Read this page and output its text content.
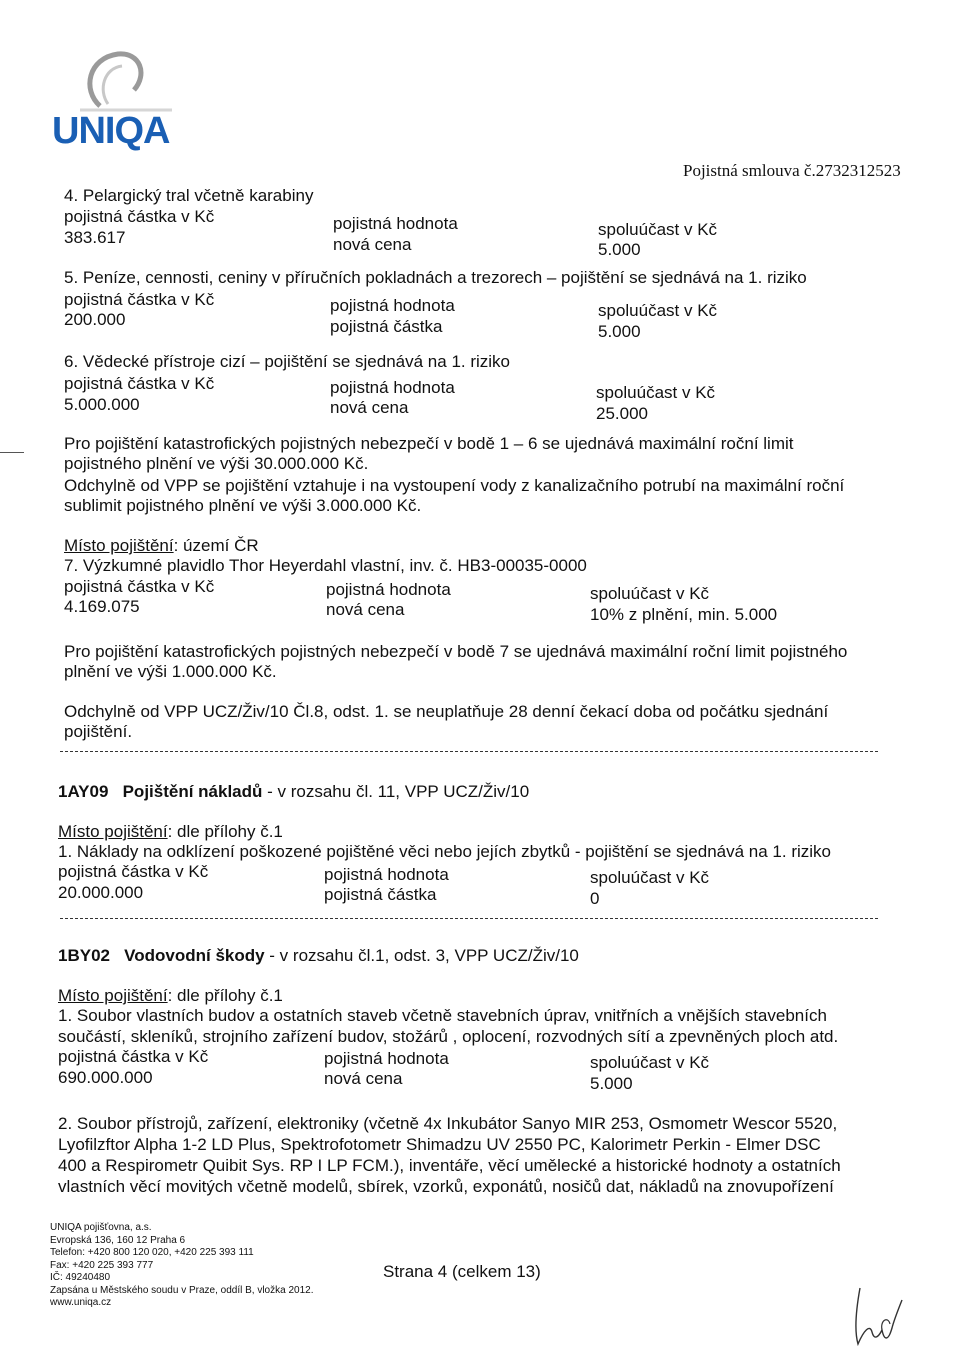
UNIQA
Pojistná smlouva č.2732312523
4. Pelargický tral včetně karabiny
pojistná částka v Kč
383.617
pojistná hodnota
nová cena
spoluúčast v Kč
5.000
5. Peníze, cennosti, ceniny v příručních pokladnách a trezorech – pojištění se sjednává na 1. riziko
pojistná částka v Kč
200.000
pojistná hodnota
pojistná částka
spoluúčast v Kč
5.000
6. Vědecké přístroje cizí – pojištění se sjednává na 1. riziko
pojistná částka v Kč
5.000.000
pojistná hodnota
nová cena
spoluúčast v Kč
25.000
Pro pojištění katastrofických pojistných nebezpečí v bodě 1 – 6 se ujednává maximální roční limit
pojistného plnění ve výši 30.000.000 Kč.
Odchylně od VPP se pojištění vztahuje i na vystoupení vody z kanalizačního potrubí na maximální roční
sublimit pojistného plnění ve výši 3.000.000 Kč.
Místo pojištění: území ČR
7. Výzkumné plavidlo Thor Heyerdahl vlastní, inv. č. HB3-00035-0000
pojistná částka v Kč
4.169.075
pojistná hodnota
nová cena
spoluúčast v Kč
10% z plnění, min. 5.000
Pro pojištění katastrofických pojistných nebezpečí v bodě 7 se ujednává maximální roční limit pojistného
plnění ve výši 1.000.000 Kč.
Odchylně od VPP UCZ/Živ/10 Čl.8, odst. 1. se neuplatňuje 28 denní čekací doba od počátku sjednání
pojištění.
1AY09 Pojištění nákladů - v rozsahu čl. 11, VPP UCZ/Živ/10
Místo pojištění: dle přílohy č.1
1. Náklady na odklízení poškozené pojištěné věci nebo jejích zbytků - pojištění se sjednává na 1. riziko
pojistná částka v Kč
20.000.000
pojistná hodnota
pojistná částka
spoluúčast v Kč
0
1BY02 Vodovodní škody - v rozsahu čl.1, odst. 3, VPP UCZ/Živ/10
Místo pojištění: dle přílohy č.1
1. Soubor vlastních budov a ostatních staveb včetně stavebních úprav, vnitřních a vnějších stavebních
součástí, skleníků, strojního zařízení budov, stožárů , oplocení, rozvodných sítí a zpevněných ploch atd.
pojistná částka v Kč
690.000.000
pojistná hodnota
nová cena
spoluúčast v Kč
5.000
2. Soubor přístrojů, zařízení, elektroniky (včetně 4x Inkubátor Sanyo MIR 253, Osmometr Wescor 5520,
Lyofilzftor Alpha 1-2 LD Plus, Spektrofotometr Shimadzu UV 2550 PC, Kalorimetr Perkin - Elmer DSC
400 a Respirometr Quibit Sys. RP I LP FCM.), inventáře, věcí umělecké a historické hodnoty a ostatních
vlastních věcí movitých včetně modelů, sbírek, vzorků, exponátů, nosičů dat, nákladů na znovupořízení
UNIQA pojišťovna, a.s.
Evropská 136, 160 12 Praha 6
Telefon: +420 800 120 020, +420 225 393 111
Fax: +420 225 393 777
IČ: 49240480
Zapsána u Městského soudu v Praze, oddíl B, vložka 2012.
www.uniqa.cz
Strana 4 (celkem 13)
